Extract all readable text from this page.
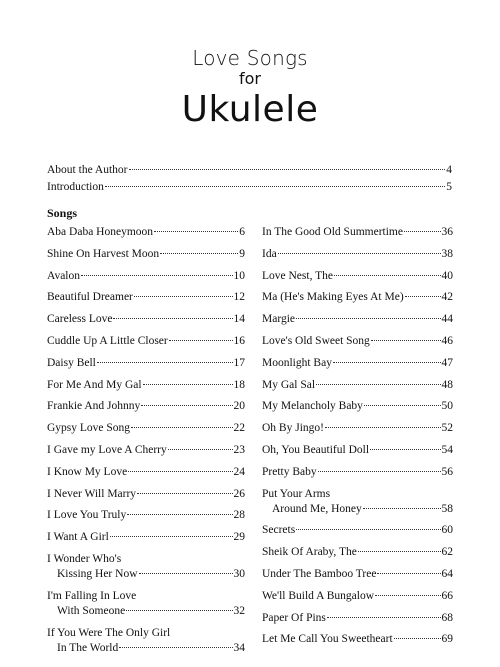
Love Songs
for
Ukulele
About the Author	4
Introduction	5
Songs
Aba Daba Honeymoon	6
Shine On Harvest Moon	9
Avalon	10
Beautiful Dreamer	12
Careless Love	14
Cuddle Up A Little Closer	16
Daisy Bell	17
For Me And My Gal	18
Frankie And Johnny	20
Gypsy Love Song	22
I Gave my Love A Cherry	23
I Know My Love	24
I Never Will Marry	26
I Love You Truly	28
I Want A Girl	29
I Wonder Who's
Kissing Her Now	30
I'm Falling In Love
With Someone	32
If You Were The Only Girl
In The World	34
In The Good Old Summertime	36
Ida	38
Love Nest, The	40
Ma (He's Making Eyes At Me)	42
Margie	44
Love's Old Sweet Song	46
Moonlight Bay	47
My Gal Sal	48
My Melancholy Baby	50
Oh By Jingo!	52
Oh, You Beautiful Doll	54
Pretty Baby	56
Put Your Arms
Around Me, Honey	58
Secrets	60
Sheik Of Araby, The	62
Under The Bamboo Tree	64
We'll Build A Bungalow	66
Paper Of Pins	68
Let Me Call You Sweetheart	69
